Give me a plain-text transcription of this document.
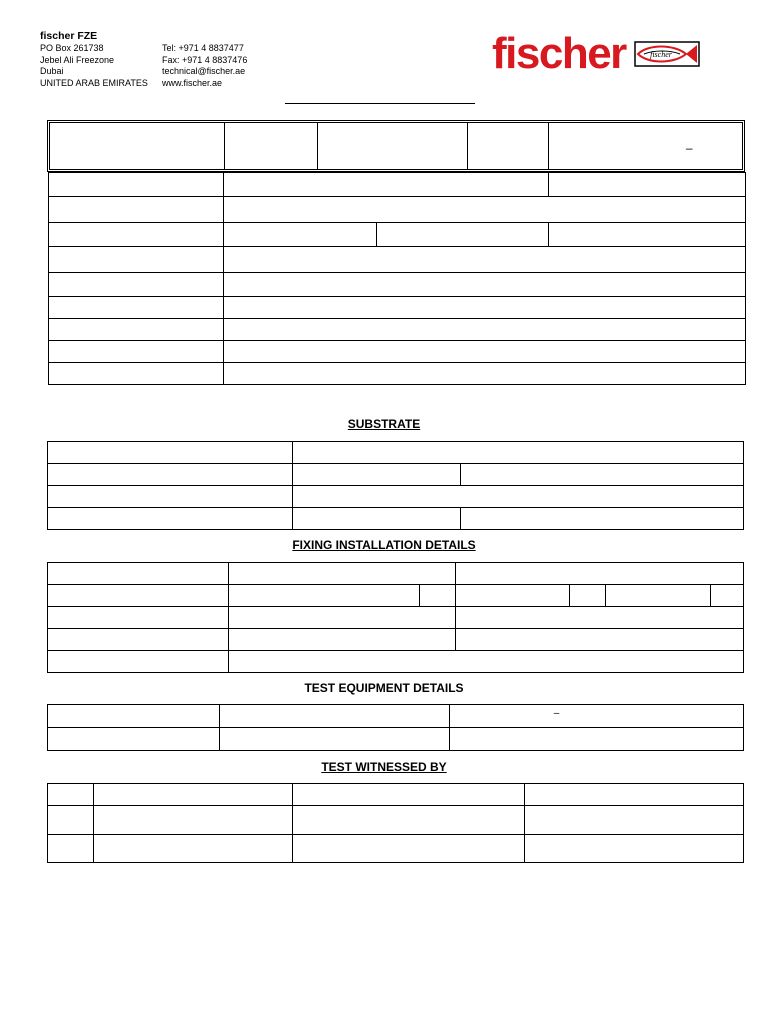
fischer FZE
PO Box 261738
Jebel Ali Freezone
Dubai
UNITED ARAB EMIRATES
Tel: +971 4 8837477
Fax: +971 4 8837476
technical@fischer.ae
www.fischer.ae
fischer	fischer
				–

SUBSTRATE

FIXING INSTALLATION DETAILS

TEST EQUIPMENT DETAILS
		–

TEST WITNESSED BY
